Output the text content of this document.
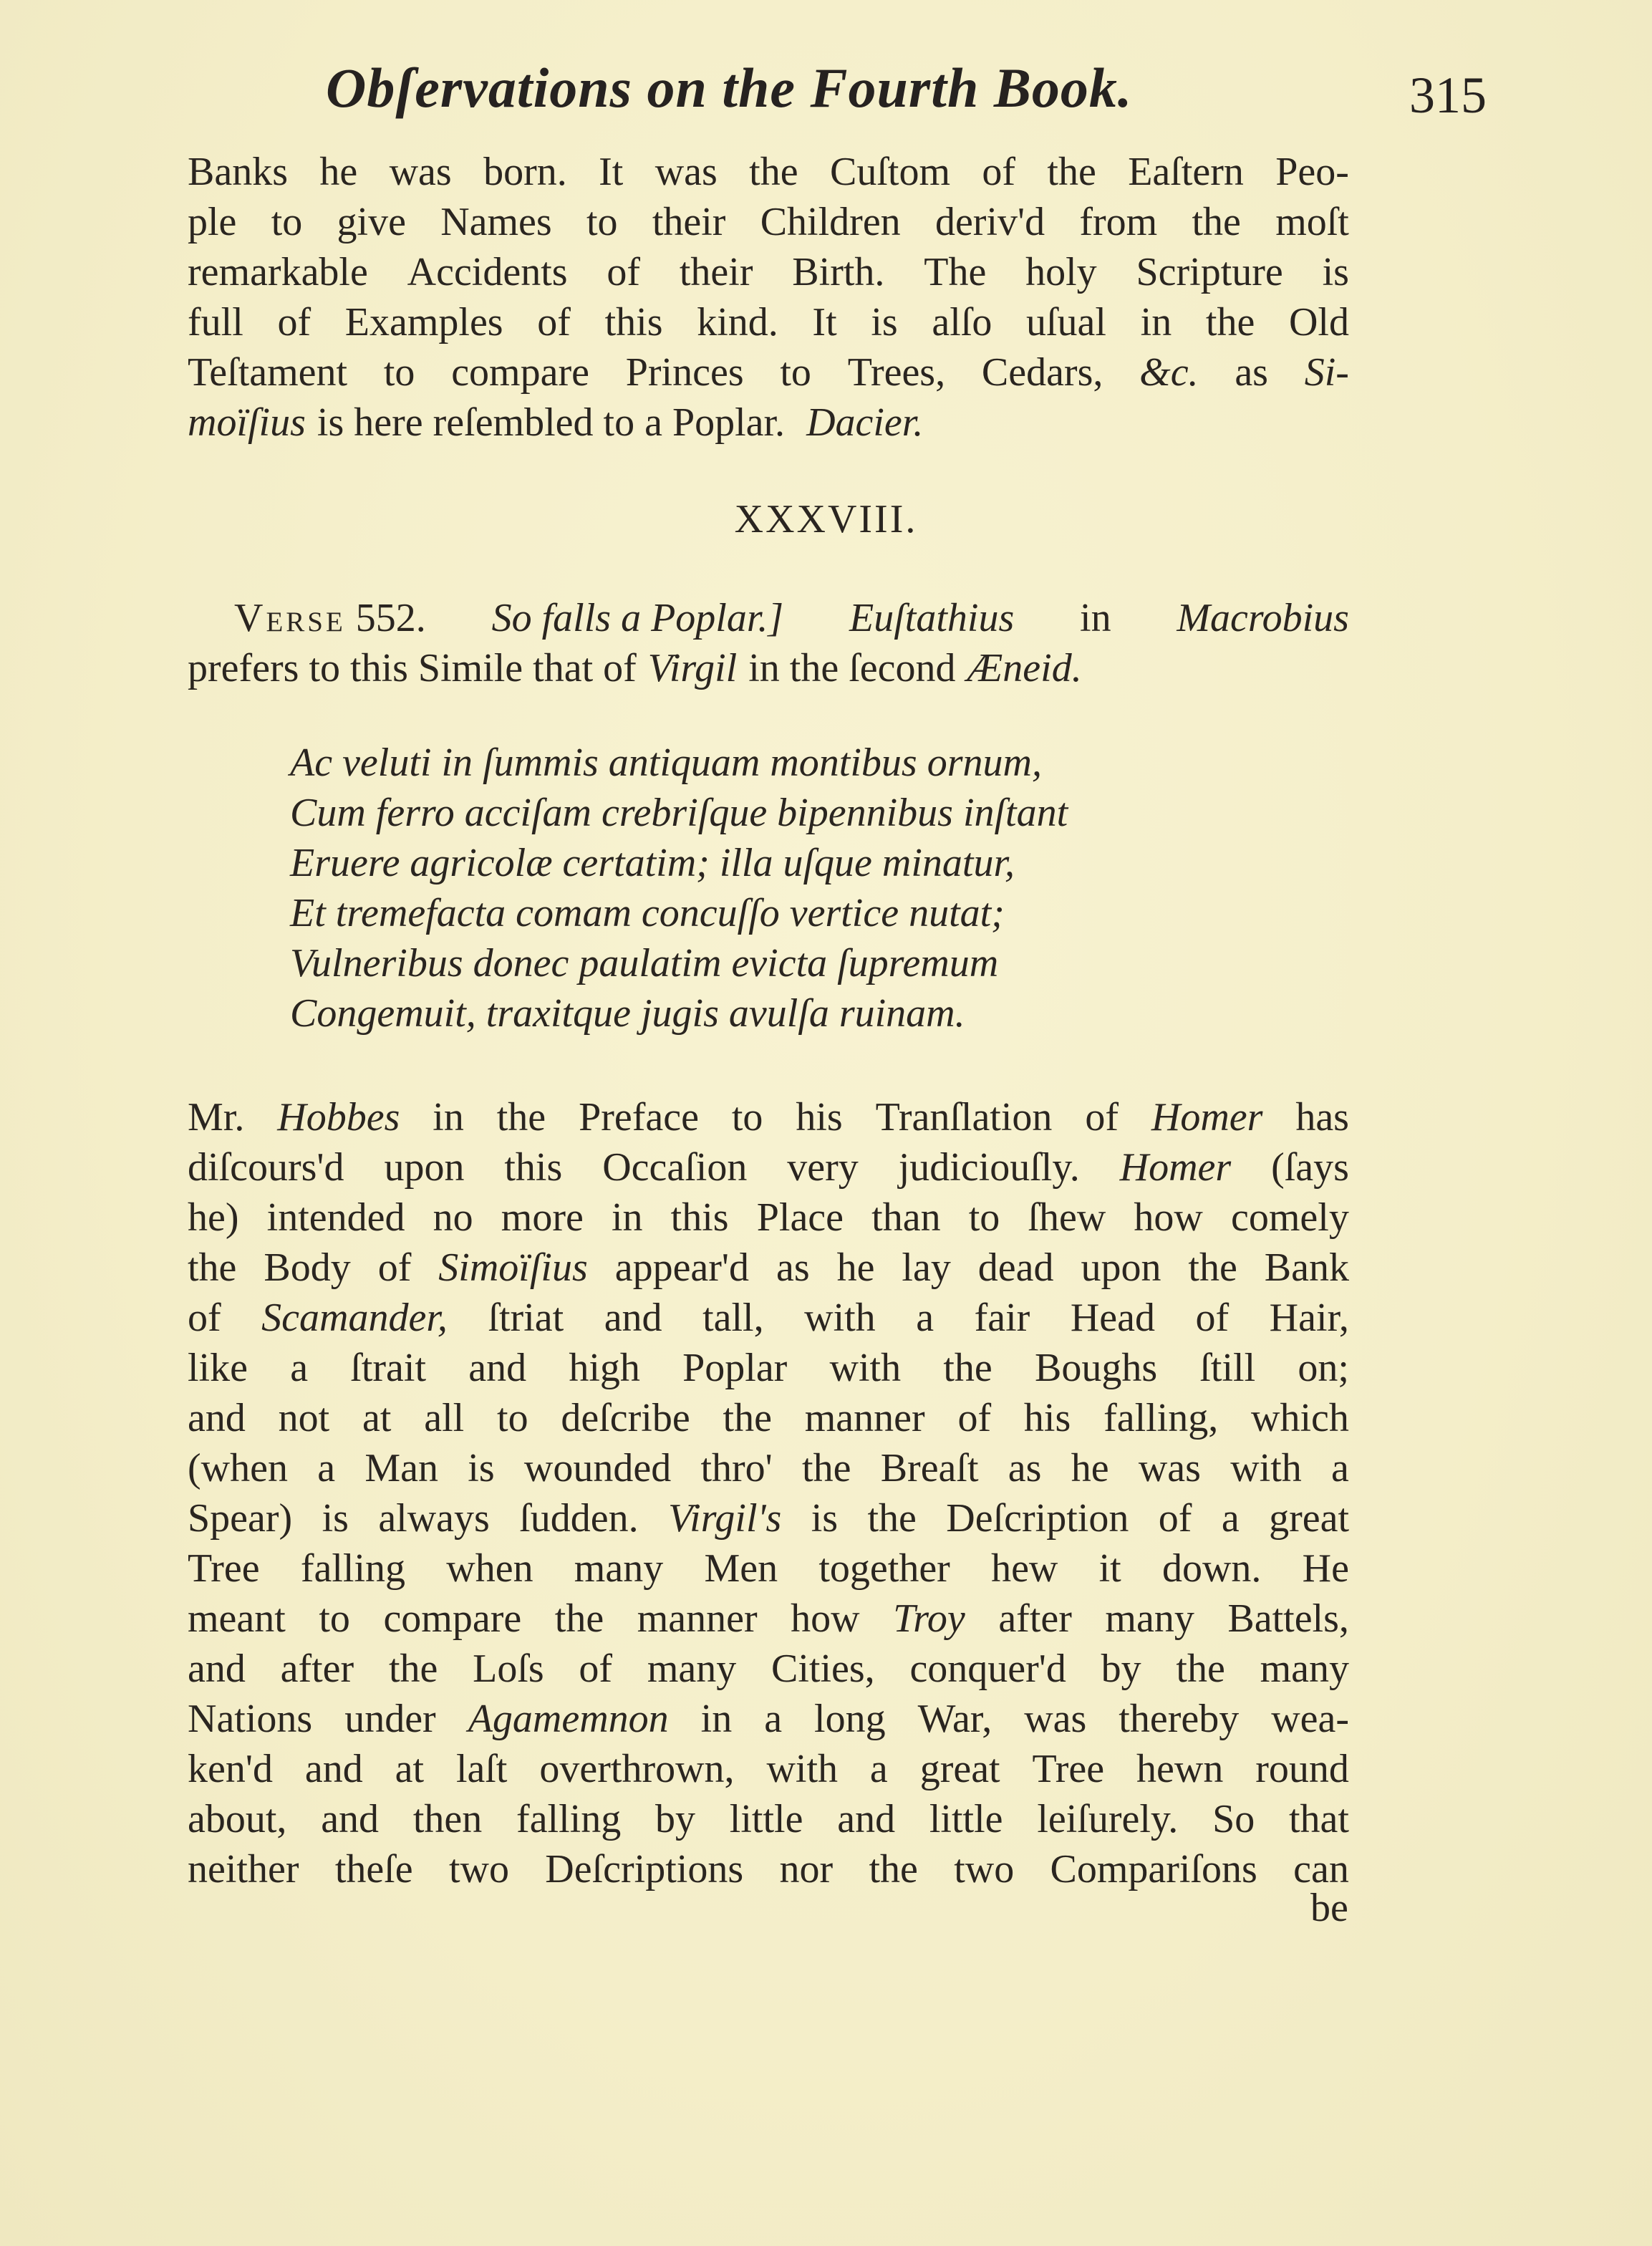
Obſervations on the Fourth Book.	315
Banks he was born. It was the Cuſtom of the Eaſtern Peo-
ple to give Names to their Children deriv'd from the moſt
remarkable Accidents of their Birth. The holy Scripture is
full of Examples of this kind. It is alſo uſual in the Old
Teſtament to compare Princes to Trees, Cedars, &c. as Si-
moïſius is here reſembled to a Poplar. Dacier.
XXXVIII.
Verse 552. So falls a Poplar.] Euſtathius in Macrobius
prefers to this Simile that of Virgil in the ſecond Æneid.
Ac veluti in ſummis antiquam montibus ornum,
Cum ferro acciſam crebriſque bipennibus inſtant
Eruere agricolæ certatim; illa uſque minatur,
Et tremefacta comam concuſſo vertice nutat;
Vulneribus donec paulatim evicta ſupremum
Congemuit, traxitque jugis avulſa ruinam.
Mr. Hobbes in the Preface to his Tranſlation of Homer has
diſcours'd upon this Occaſion very judiciouſly. Homer (ſays
he) intended no more in this Place than to ſhew how comely
the Body of Simoïſius appear'd as he lay dead upon the Bank
of Scamander, ſtriat and tall, with a fair Head of Hair,
like a ſtrait and high Poplar with the Boughs ſtill on;
and not at all to deſcribe the manner of his falling, which
(when a Man is wounded thro' the Breaſt as he was with a
Spear) is always ſudden. Virgil's is the Deſcription of a great
Tree falling when many Men together hew it down. He
meant to compare the manner how Troy after many Battels,
and after the Loſs of many Cities, conquer'd by the many
Nations under Agamemnon in a long War, was thereby wea-
ken'd and at laſt overthrown, with a great Tree hewn round
about, and then falling by little and little leiſurely. So that
neither theſe two Deſcriptions nor the two Compariſons can
be
